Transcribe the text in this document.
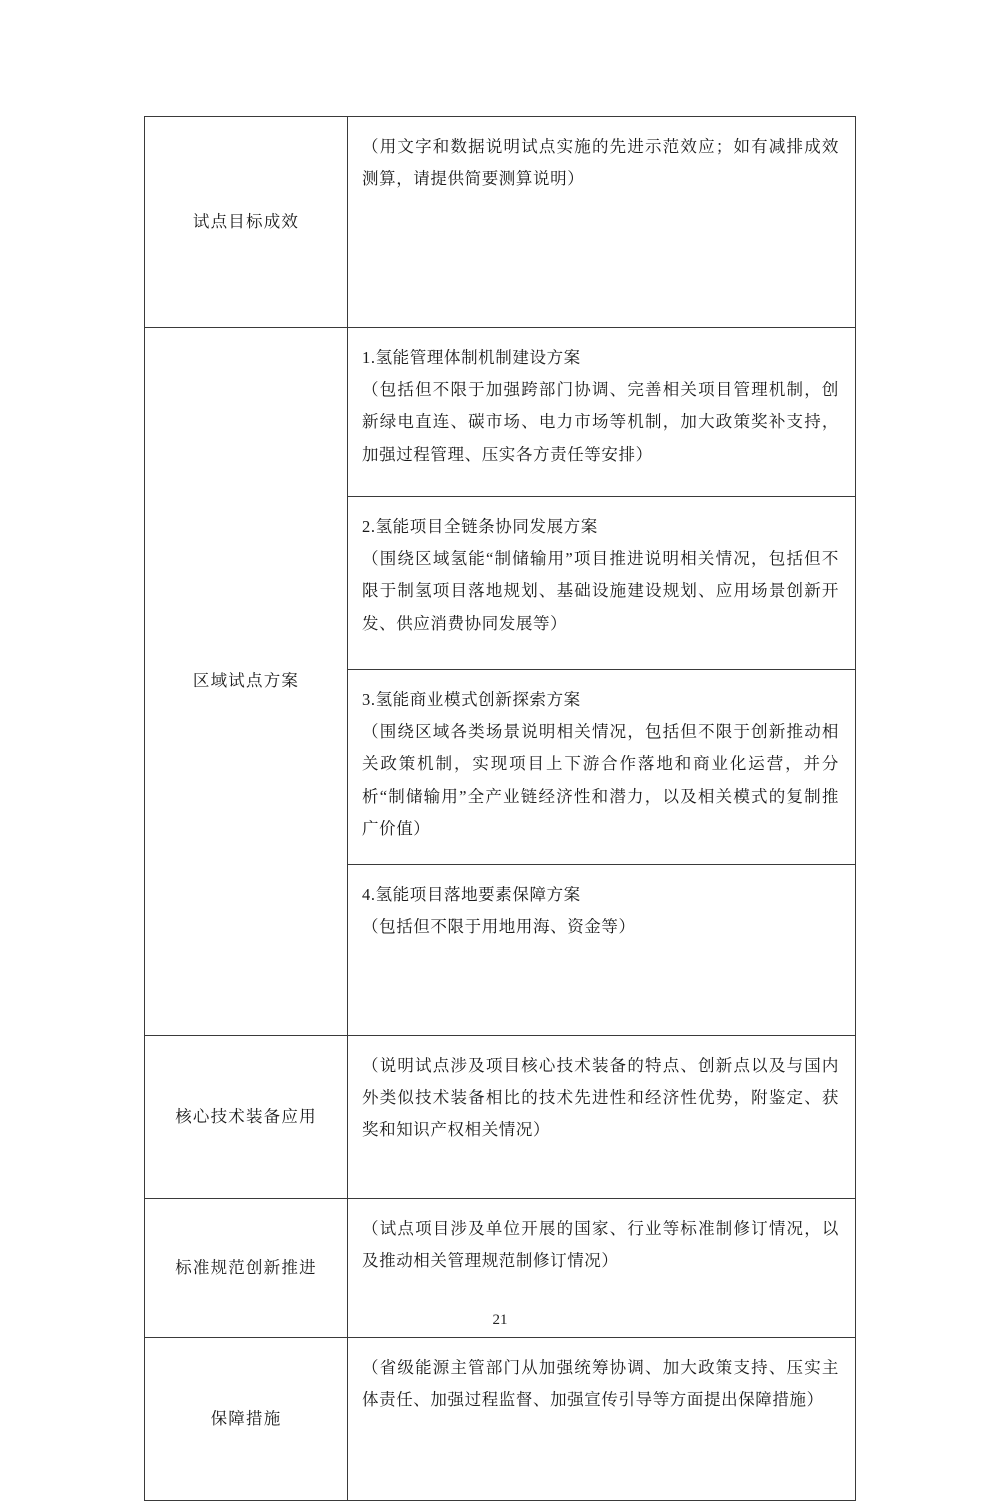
试点目标成效	（用文字和数据说明试点实施的先进示范效应；如有减排成效测算，请提供简要测算说明）

区域试点方案	1.氢能管理体制机制建设方案

（包括但不限于加强跨部门协调、完善相关项目管理机制，创新绿电直连、碳市场、电力市场等机制，加大政策奖补支持，加强过程管理、压实各方责任等安排）

	2.氢能项目全链条协同发展方案

（围绕区域氢能“制储输用”项目推进说明相关情况，包括但不限于制氢项目落地规划、基础设施建设规划、应用场景创新开发、供应消费协同发展等）

	3.氢能商业模式创新探索方案

（围绕区域各类场景说明相关情况，包括但不限于创新推动相关政策机制，实现项目上下游合作落地和商业化运营，并分析“制储输用”全产业链经济性和潜力，以及相关模式的复制推广价值）

	4.氢能项目落地要素保障方案

（包括但不限于用地用海、资金等）

核心技术装备应用	（说明试点涉及项目核心技术装备的特点、创新点以及与国内外类似技术装备相比的技术先进性和经济性优势，附鉴定、获奖和知识产权相关情况）

标准规范创新推进	（试点项目涉及单位开展的国家、行业等标准制修订情况，以及推动相关管理规范制修订情况）

保障措施	（省级能源主管部门从加强统筹协调、加大政策支持、压实主体责任、加强过程监督、加强宣传引导等方面提出保障措施）

21
